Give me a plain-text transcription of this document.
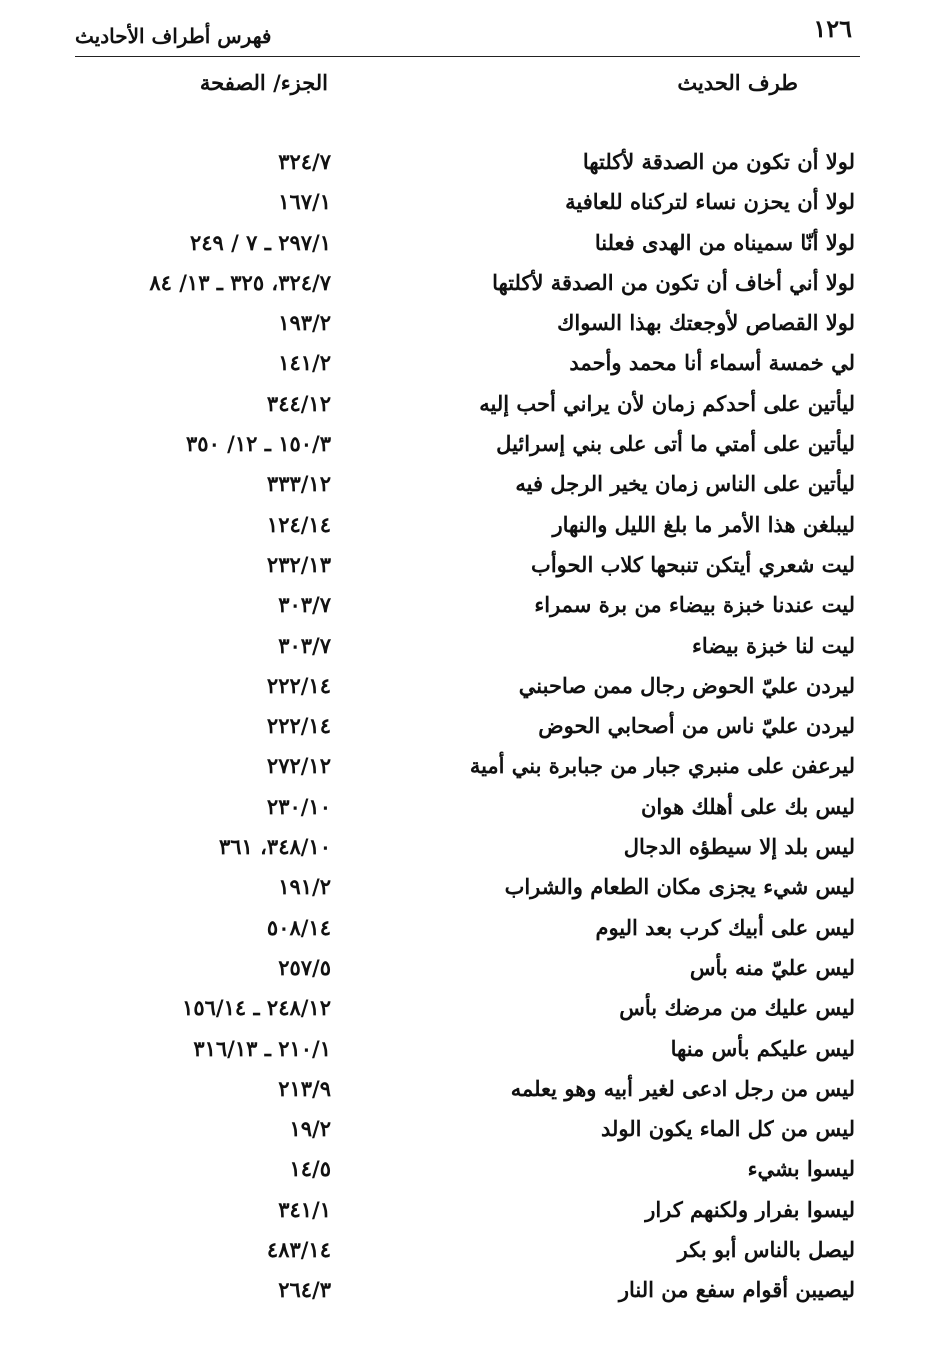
١٢٦
فهرس أطراف الأحاديث
طرف الحديث
الجزء/ الصفحة
لولا أن تكون من الصدقة لأكلتها
٣٢٤/٧
لولا أن يحزن نساء لتركناه للعافية
١٦٧/١
لولا أنّا سميناه من الهدى فعلنا
٢٩٧/١ ـ ٧ / ٢٤٩
لولا أني أخاف أن تكون من الصدقة لأكلتها
٣٢٤/٧، ٣٢٥ ـ ١٣/ ٨٤
لولا القصاص لأوجعتك بهذا السواك
١٩٣/٢
لي خمسة أسماء أنا محمد وأحمد
١٤١/٢
ليأتين على أحدكم زمان لأن يراني أحب إليه
٣٤٤/١٢
ليأتين على أمتي ما أتى على بني إسرائيل
١٥٠/٣ ـ ١٢/ ٣٥٠
ليأتين على الناس زمان يخير الرجل فيه
٣٣٣/١٢
ليبلغن هذا الأمر ما بلغ الليل والنهار
١٢٤/١٤
ليت شعري أيتكن تنبحها كلاب الحوأب
٢٣٢/١٣
ليت عندنا خبزة بيضاء من برة سمراء
٣٠٣/٧
ليت لنا خبزة بيضاء
٣٠٣/٧
ليردن عليّ الحوض رجال ممن صاحبني
٢٢٢/١٤
ليردن عليّ ناس من أصحابي الحوض
٢٢٢/١٤
ليرعفن على منبري جبار من جبابرة بني أمية
٢٧٢/١٢
ليس بك على أهلك هوان
٢٣٠/١٠
ليس بلد إلا سيطؤه الدجال
٣٤٨/١٠، ٣٦١
ليس شيء يجزى مكان الطعام والشراب
١٩١/٢
ليس على أبيك كرب بعد اليوم
٥٠٨/١٤
ليس عليّ منه بأس
٢٥٧/٥
ليس عليك من مرضك بأس
٢٤٨/١٢ ـ ١٥٦/١٤
ليس عليكم بأس منها
٢١٠/١ ـ ٣١٦/١٣
ليس من رجل ادعى لغير أبيه وهو يعلمه
٢١٣/٩
ليس من كل الماء يكون الولد
١٩/٢
ليسوا بشيء
١٤/٥
ليسوا بفرار ولكنهم كرار
٣٤١/١
ليصل بالناس أبو بكر
٤٨٣/١٤
ليصيبن أقوام سفع من النار
٢٦٤/٣
